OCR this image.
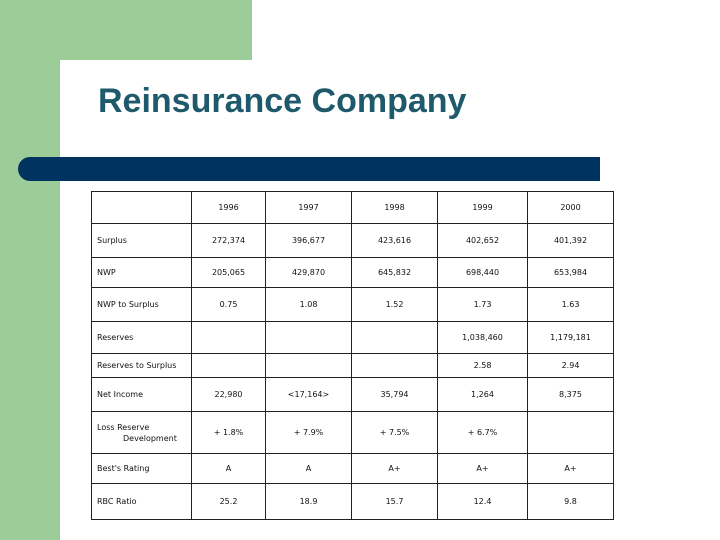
Reinsurance Company
	1996	1997	1998	1999	2000
Surplus	272,374	396,677	423,616	402,652	401,392
NWP	205,065	429,870	645,832	698,440	653,984
NWP to Surplus	0.75	1.08	1.52	1.73	1.63
Reserves				1,038,460	1,179,181
Reserves to Surplus				2.58	2.94
Net Income	22,980	<17,164>	35,794	1,264	8,375
Loss Reserve
Development	+ 1.8%	+ 7.9%	+ 7.5%	+ 6.7%	
Best's Rating	A	A	A+	A+	A+
RBC Ratio	25.2	18.9	15.7	12.4	9.8
